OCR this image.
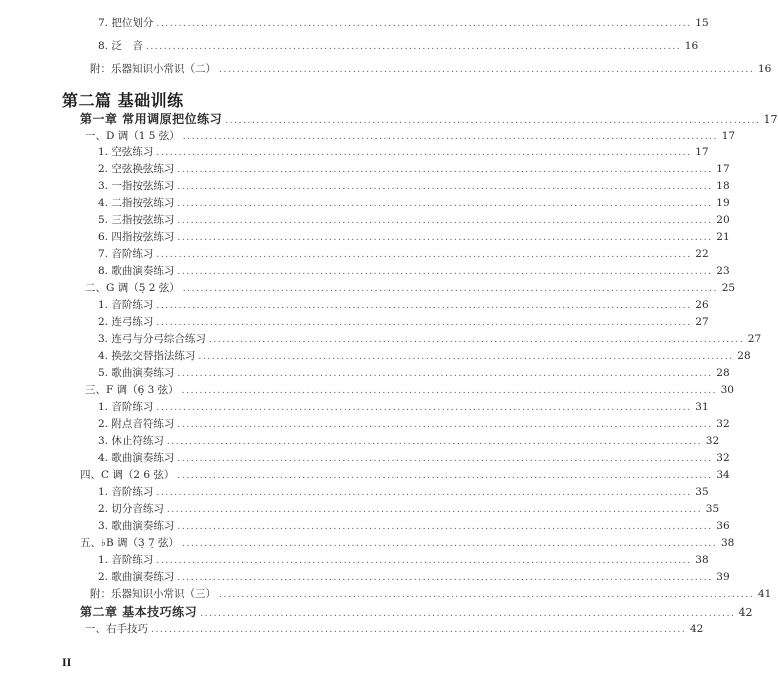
第二篇 基础训练
7. 把位划分 ........................................................................................................................ 15
8. 泛　音 ........................................................................................................................ 16
附：乐器知识小常识（二） ........................................................................................................................ 16
第一章 常用调原把位练习 ........................................................................................................................ 17
一、D 调（1 5 弦） ........................................................................................................................ 17
1. 空弦练习 ........................................................................................................................ 17
2. 空弦换弦练习 ........................................................................................................................ 17
3. 一指按弦练习 ........................................................................................................................ 18
4. 二指按弦练习 ........................................................................................................................ 19
5. 三指按弦练习 ........................................................................................................................ 20
6. 四指按弦练习 ........................................................................................................................ 21
7. 音阶练习 ........................................................................................................................ 22
8. 歌曲演奏练习 ........................................................................................................................ 23
二、G 调（5̣ 2 弦） ........................................................................................................................ 25
1. 音阶练习 ........................................................................................................................ 26
2. 连弓练习 ........................................................................................................................ 27
3. 连弓与分弓综合练习 ........................................................................................................................ 27
4. 换弦交替指法练习 ........................................................................................................................ 28
5. 歌曲演奏练习 ........................................................................................................................ 28
三、F 调（6̣ 3 弦） ........................................................................................................................ 30
1. 音阶练习 ........................................................................................................................ 31
2. 附点音符练习 ........................................................................................................................ 32
3. 休止符练习 ........................................................................................................................ 32
4. 歌曲演奏练习 ........................................................................................................................ 32
四、C 调（2 6 弦） ........................................................................................................................ 34
1. 音阶练习 ........................................................................................................................ 35
2. 切分音练习 ........................................................................................................................ 35
3. 歌曲演奏练习 ........................................................................................................................ 36
五、♭B 调（3̣ 7̣ 弦） ........................................................................................................................ 38
1. 音阶练习 ........................................................................................................................ 38
2. 歌曲演奏练习 ........................................................................................................................ 39
附：乐器知识小常识（三） ........................................................................................................................ 41
第二章 基本技巧练习 ........................................................................................................................ 42
一、右手技巧 ........................................................................................................................ 42
II
